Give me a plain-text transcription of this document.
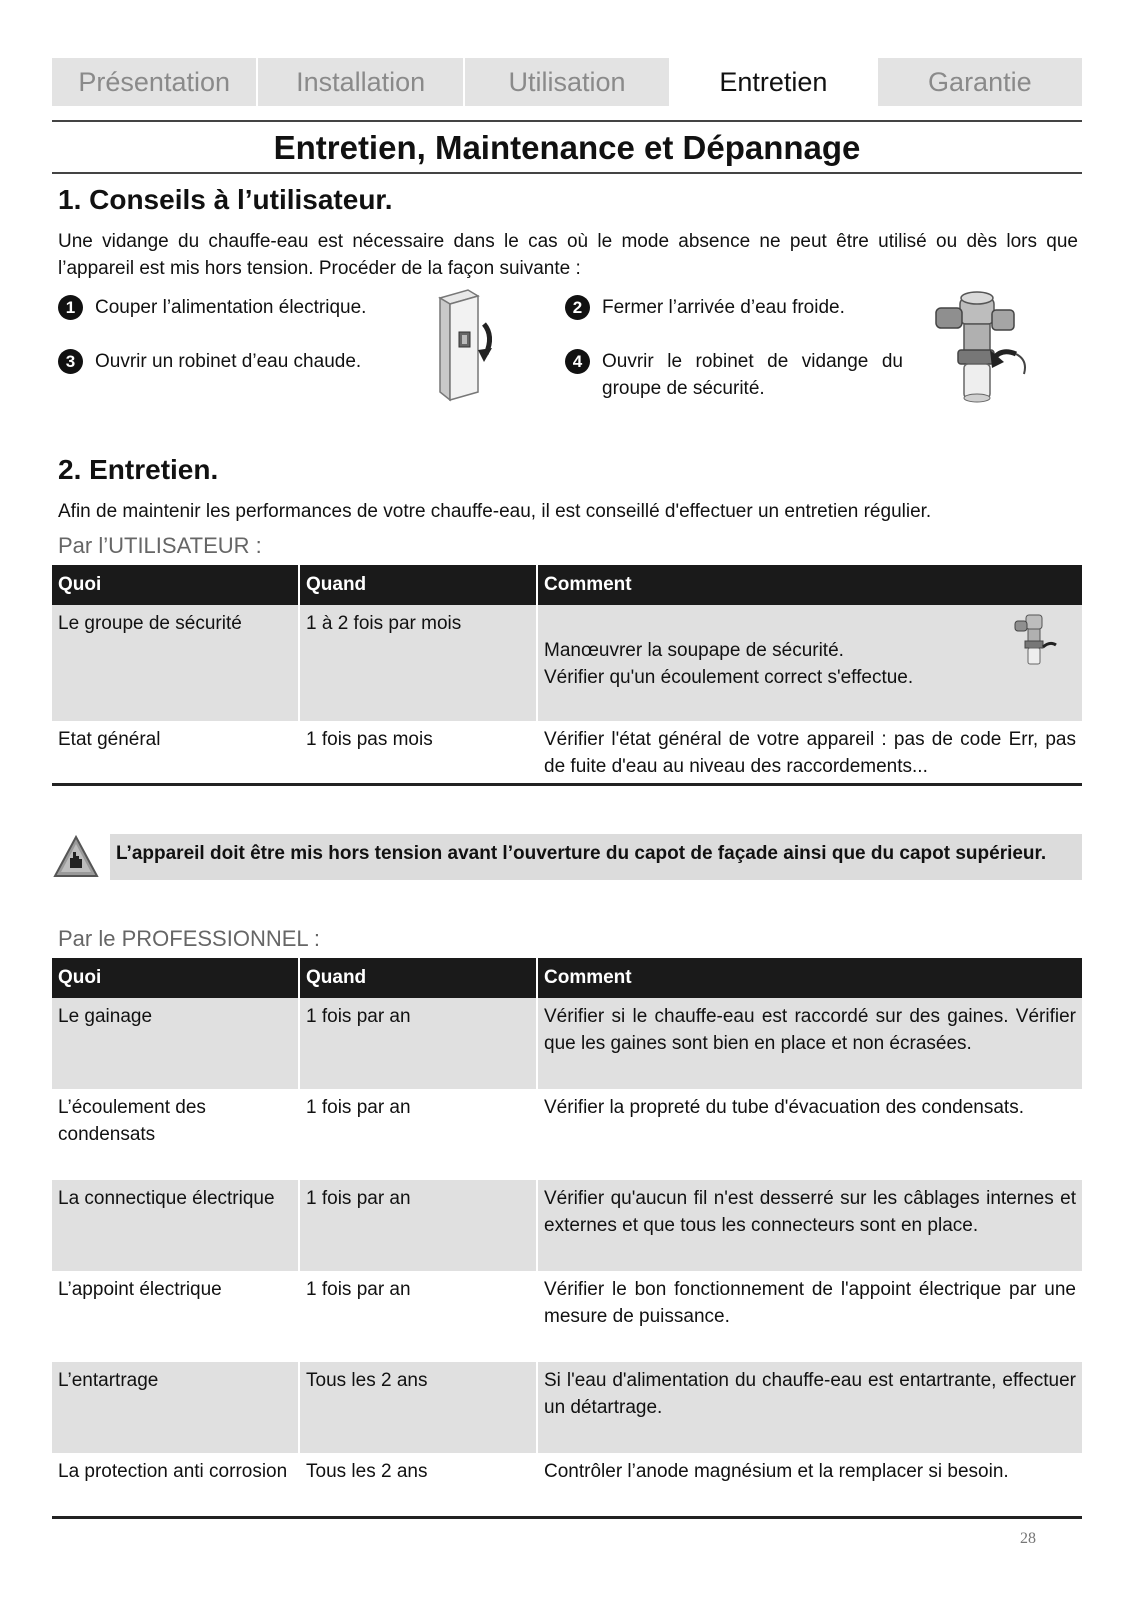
Présentation	Installation	Utilisation	Entretien	Garantie
Entretien, Maintenance et Dépannage
1. Conseils à l’utilisateur.

Une vidange du chauffe-eau est nécessaire dans le cas où le mode absence ne peut être utilisé ou dès lors que l’appareil est mis hors tension. Procéder de la façon suivante :

1	Couper l’alimentation électrique.
3	Ouvrir un robinet d’eau chaude.
2	Fermer l’arrivée d’eau froide.
4	Ouvrir le robinet de vidange du groupe de sécurité.
2. Entretien.

Afin de maintenir les performances de votre chauffe-eau, il est conseillé d'effectuer un entretien régulier.

Par l’UTILISATEUR :
Quoi	Quand	Comment
Le groupe de sécurité	1 à 2 fois par mois	Manœuvrer la soupape de sécurité.
Vérifier qu'un écoulement correct s'effectue.

Etat général	1 fois pas mois	Vérifier l'état général de votre appareil : pas de code Err, pas de fuite d'eau au niveau des raccordements...
L’appareil doit être mis hors tension avant l’ouverture du capot de façade ainsi que du capot supérieur.
Par le PROFESSIONNEL :
Quoi	Quand	Comment
Le gainage	1 fois par an	Vérifier si le chauffe-eau est raccordé sur des gaines. Vérifier que les gaines sont bien en place et non écrasées.
L’écoulement des condensats	1 fois par an	Vérifier la propreté du tube d'évacuation des condensats.
La connectique électrique	1 fois par an	Vérifier qu'aucun fil n'est desserré sur les câblages internes et externes et que tous les connecteurs sont en place.
L’appoint électrique	1 fois par an	Vérifier le bon fonctionnement de l'appoint électrique par une mesure de puissance.
L’entartrage	Tous les 2 ans	Si l'eau d'alimentation du chauffe-eau est entartrante, effectuer un détartrage.
La protection anti corrosion	Tous les 2 ans	Contrôler l’anode magnésium et la remplacer si besoin.
28
